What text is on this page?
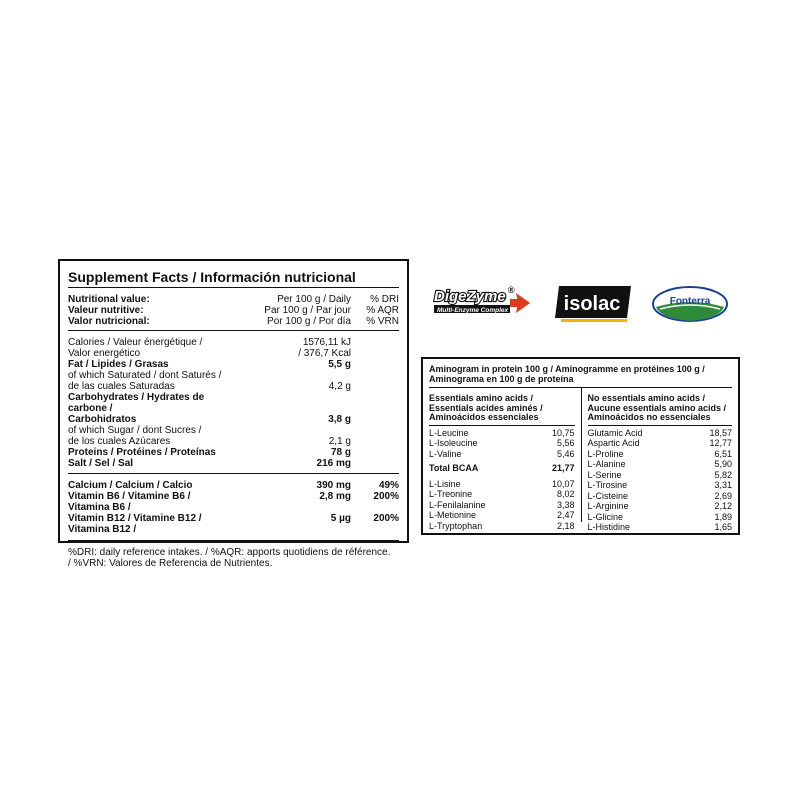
Supplement Facts / Información nutricional
Nutritional value:	Per 100 g / Daily	% DRI
Valeur nutritive:	Par 100 g / Par jour	% AQR
Valor nutricional:	Por 100 g / Por día	% VRN
Calories / Valeur énergétique /	1576,11 kJ
Valor energético	/ 376,7 Kcal
Fat / Lipides / Grasas	5,5 g
of which Saturated / dont Saturés /
de las cuales Saturadas	4,2 g
Carbohydrates / Hydrates de carbone /
Carbohidratos	3,8 g
of which Sugar / dont Sucres /
de los cuales Azúcares	2,1 g
Proteins / Protéines / Proteínas	78 g
Salt / Sel / Sal	216 mg
Calcium / Calcium / Calcio	390 mg	49%
Vitamin B6 / Vitamine B6 / Vitamina B6 /
2,8 mg	200%
Vitamin B12 / Vitamine B12 / Vitamina B12 /
5 µg	200%
%DRI: daily reference intakes. / %AQR: apports quotidiens de référence.
/ %VRN: Valores de Referencia de Nutrientes.
DigeZyme ®
Multi-Enzyme Complex	isolac	Fonterra
Aminogram in protein 100 g / Aminogramme en protéines 100 g /
Aminograma en 100 g de proteína
Essentials amino acids /
Essentials acides aminés /
Aminoácidos essenciales
L-Leucine	10,75
L-Isoleucine	5,56
L-Valine	5,46
Total BCAA	21,77
L-Lisine	10,07
L-Treonine	8,02
L-Fenilalanine	3,38
L-Metionine	2,47
L-Tryptophan	2,18
No essentials amino acids /
Aucune essentials amino acids /
Aminoácidos no essenciales
Glutamic Acid	18,57
Aspartic Acid	12,77
L-Proline	6,51
L-Alanine	5,90
L-Serine	5,82
L-Tirosine	3,31
L-Cisteine	2,69
L-Arginine	2,12
L-Glicine	1,89
L-Histidine	1,65
